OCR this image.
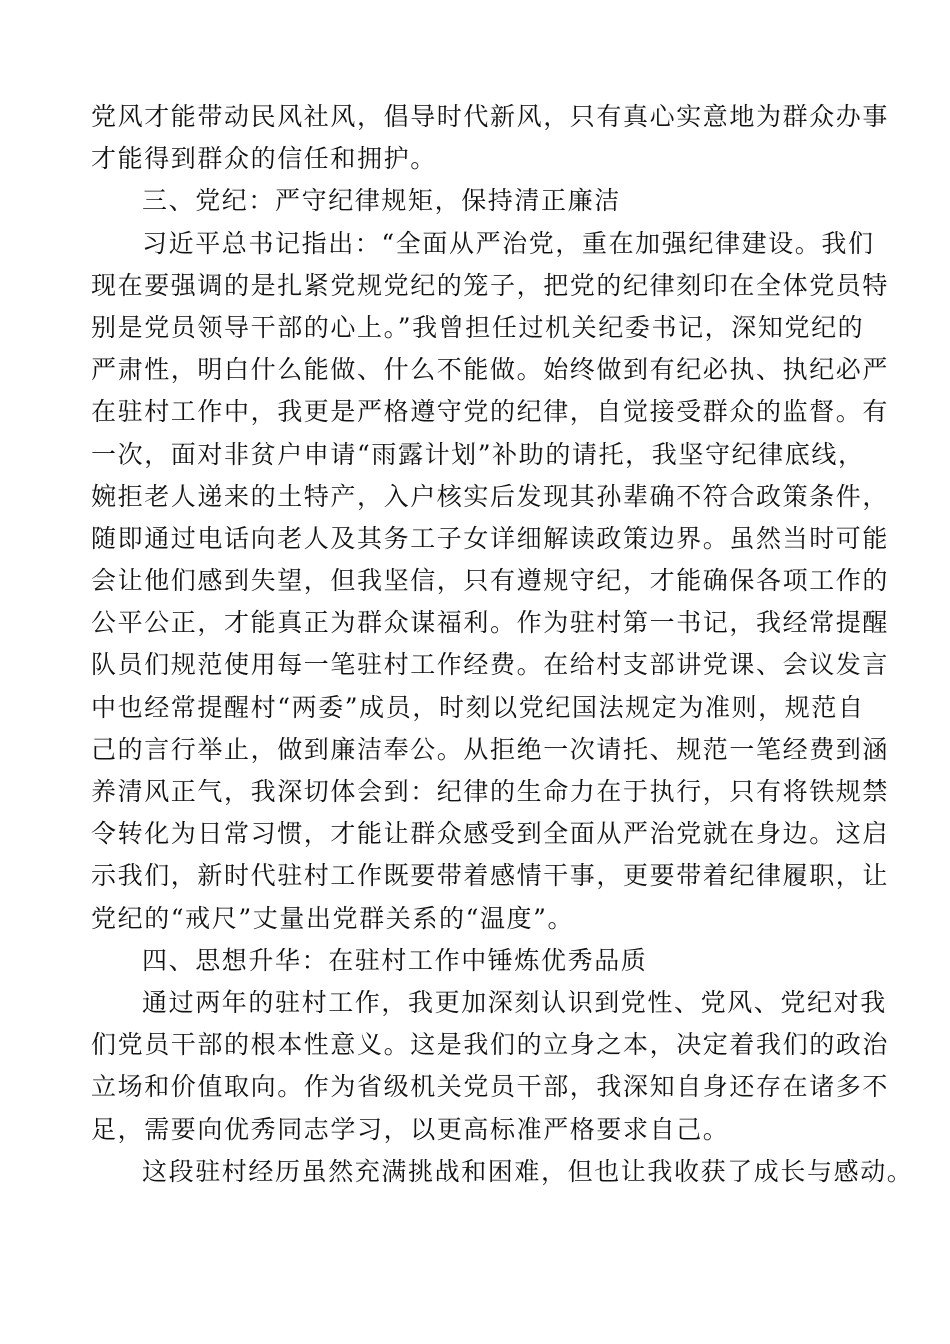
党风才能带动民风社风，倡导时代新风，只有真心实意地为群众办事
才能得到群众的信任和拥护。
三、党纪：严守纪律规矩，保持清正廉洁
习近平总书记指出：“全面从严治党，重在加强纪律建设。我们
现在要强调的是扎紧党规党纪的笼子，把党的纪律刻印在全体党员特
别是党员领导干部的心上。”我曾担任过机关纪委书记，深知党纪的
严肃性，明白什么能做、什么不能做。始终做到有纪必执、执纪必严
在驻村工作中，我更是严格遵守党的纪律，自觉接受群众的监督。有
一次，面对非贫户申请“雨露计划”补助的请托，我坚守纪律底线，
婉拒老人递来的土特产，入户核实后发现其孙辈确不符合政策条件，
随即通过电话向老人及其务工子女详细解读政策边界。虽然当时可能
会让他们感到失望，但我坚信，只有遵规守纪，才能确保各项工作的
公平公正，才能真正为群众谋福利。作为驻村第一书记，我经常提醒
队员们规范使用每一笔驻村工作经费。在给村支部讲党课、会议发言
中也经常提醒村“两委”成员，时刻以党纪国法规定为准则，规范自
己的言行举止，做到廉洁奉公。从拒绝一次请托、规范一笔经费到涵
养清风正气，我深切体会到：纪律的生命力在于执行，只有将铁规禁
令转化为日常习惯，才能让群众感受到全面从严治党就在身边。这启
示我们，新时代驻村工作既要带着感情干事，更要带着纪律履职，让
党纪的“戒尺”丈量出党群关系的“温度”。
四、思想升华：在驻村工作中锤炼优秀品质
通过两年的驻村工作，我更加深刻认识到党性、党风、党纪对我
们党员干部的根本性意义。这是我们的立身之本，决定着我们的政治
立场和价值取向。作为省级机关党员干部，我深知自身还存在诸多不
足，需要向优秀同志学习，以更高标准严格要求自己。
这段驻村经历虽然充满挑战和困难，但也让我收获了成长与感动。
